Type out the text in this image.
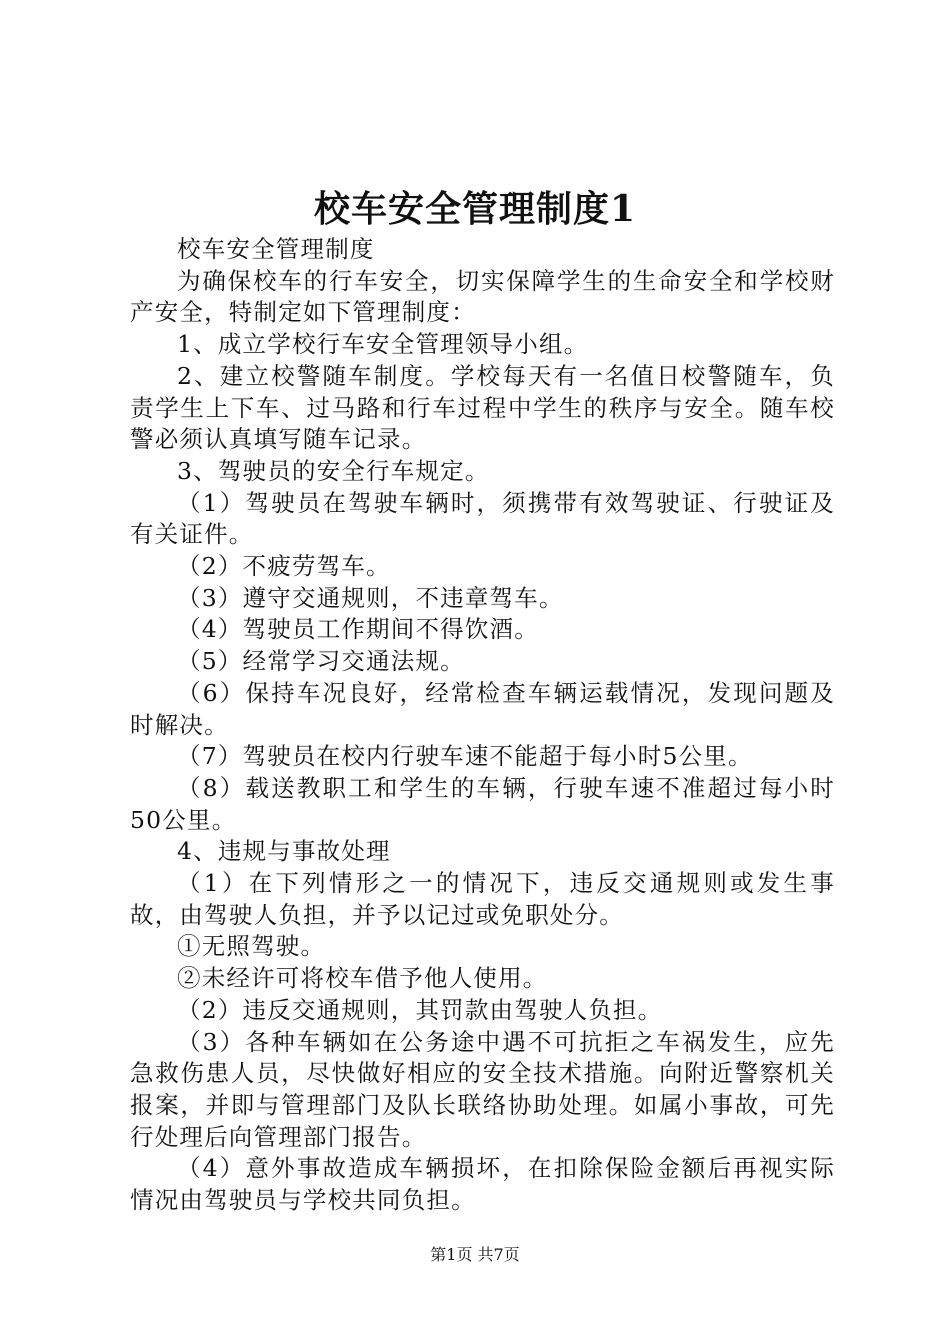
校车安全管理制度1

校车安全管理制度

为确保校车的行车安全，切实保障学生的生命安全和学校财产安全，特制定如下管理制度：

1、成立学校行车安全管理领导小组。

2、建立校警随车制度。学校每天有一名值日校警随车，负责学生上下车、过马路和行车过程中学生的秩序与安全。随车校警必须认真填写随车记录。

3、驾驶员的安全行车规定。

（1）驾驶员在驾驶车辆时，须携带有效驾驶证、行驶证及有关证件。

（2）不疲劳驾车。

（3）遵守交通规则，不违章驾车。

（4）驾驶员工作期间不得饮酒。

（5）经常学习交通法规。

（6）保持车况良好，经常检查车辆运载情况，发现问题及时解决。

（7）驾驶员在校内行驶车速不能超于每小时5公里。

（8）载送教职工和学生的车辆，行驶车速不准超过每小时50公里。

4、违规与事故处理

（1）在下列情形之一的情况下，违反交通规则或发生事故，由驾驶人负担，并予以记过或免职处分。

①无照驾驶。

②未经许可将校车借予他人使用。

（2）违反交通规则，其罚款由驾驶人负担。

（3）各种车辆如在公务途中遇不可抗拒之车祸发生，应先急救伤患人员，尽快做好相应的安全技术措施。向附近警察机关报案，并即与管理部门及队长联络协助处理。如属小事故，可先行处理后向管理部门报告。

（4）意外事故造成车辆损坏，在扣除保险金额后再视实际情况由驾驶员与学校共同负担。

第1页 共7页
